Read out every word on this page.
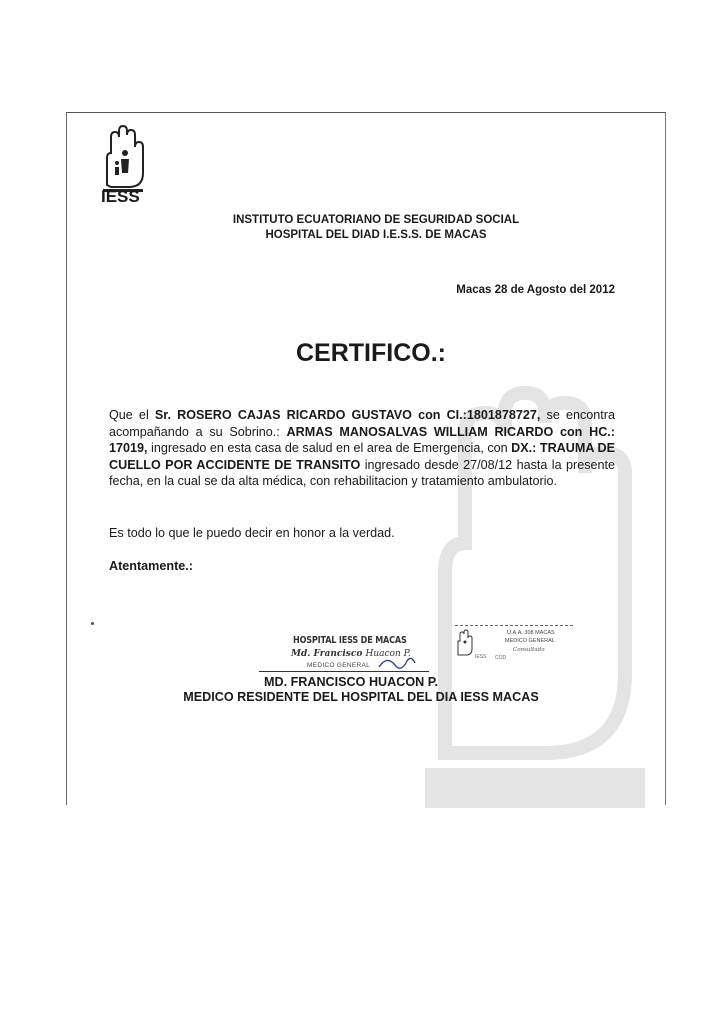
IESS
INSTITUTO ECUATORIANO DE SEGURIDAD SOCIAL
HOSPITAL DEL DIAD I.E.S.S. DE MACAS
Macas 28 de Agosto del 2012
CERTIFICO.:
Que el Sr. ROSERO CAJAS RICARDO GUSTAVO con CI.:1801878727, se encontra acompañando a su Sobrino.: ARMAS MANOSALVAS WILLIAM RICARDO con HC.: 17019, ingresado en esta casa de salud en el area de Emergencia, con DX.: TRAUMA DE CUELLO POR ACCIDENTE DE TRANSITO ingresado desde 27/08/12 hasta la presente fecha, en la cual se da alta médica, con rehabilitacion y tratamiento ambulatorio.
Es todo lo que le puedo decir en honor a la verdad.
Atentamente.:
HOSPITAL IESS DE MACAS
Md. Francisco Huacon P.
MEDICO GENERAL
U.A.A. 308 MACAS
MEDICO GENERAL
Consultado
IESS COD
MD. FRANCISCO HUACON P.
MEDICO RESIDENTE DEL HOSPITAL DEL DIA IESS MACAS
